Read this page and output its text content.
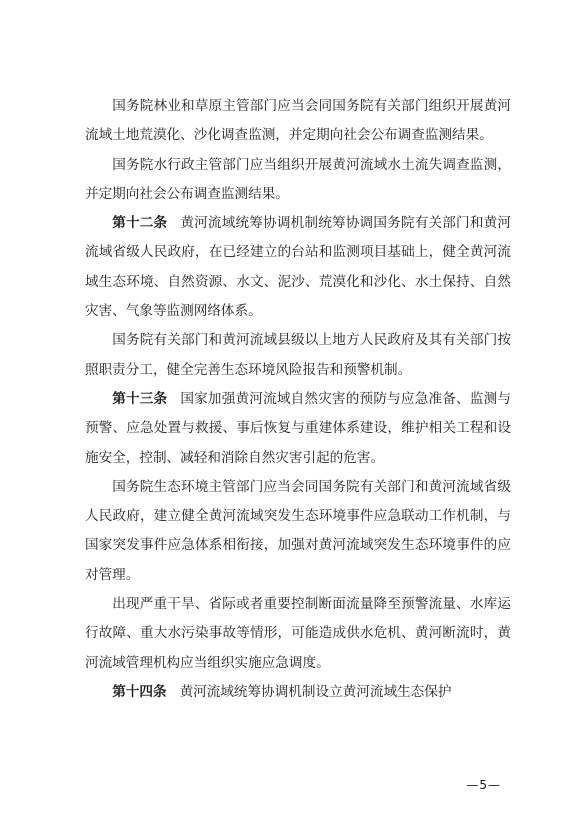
国务院林业和草原主管部门应当会同国务院有关部门组织开展黄河流域土地荒漠化、沙化调查监测，并定期向社会公布调查监测结果。

国务院水行政主管部门应当组织开展黄河流域水土流失调查监测，并定期向社会公布调查监测结果。

第十二条 黄河流域统筹协调机制统筹协调国务院有关部门和黄河流域省级人民政府，在已经建立的台站和监测项目基础上，健全黄河流域生态环境、自然资源、水文、泥沙、荒漠化和沙化、水土保持、自然灾害、气象等监测网络体系。

国务院有关部门和黄河流域县级以上地方人民政府及其有关部门按照职责分工，健全完善生态环境风险报告和预警机制。

第十三条 国家加强黄河流域自然灾害的预防与应急准备、监测与预警、应急处置与救援、事后恢复与重建体系建设，维护相关工程和设施安全，控制、减轻和消除自然灾害引起的危害。

国务院生态环境主管部门应当会同国务院有关部门和黄河流域省级人民政府，建立健全黄河流域突发生态环境事件应急联动工作机制，与国家突发事件应急体系相衔接，加强对黄河流域突发生态环境事件的应对管理。

出现严重干旱、省际或者重要控制断面流量降至预警流量、水库运行故障、重大水污染事故等情形，可能造成供水危机、黄河断流时，黄河流域管理机构应当组织实施应急调度。

第十四条 黄河流域统筹协调机制设立黄河流域生态保护

—5—
